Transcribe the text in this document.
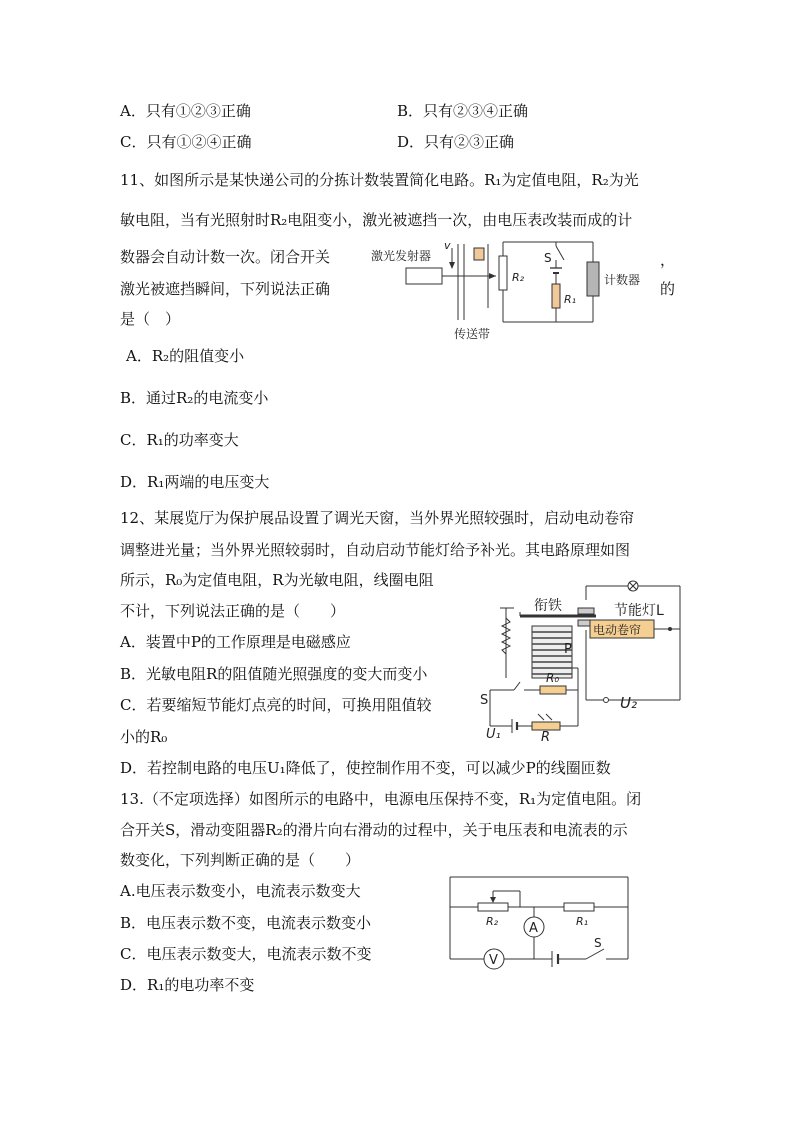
A．只有①②③正确	B．只有②③④正确
C．只有①②④正确	D．只有②③正确
11、如图所示是某快递公司的分拣计数装置简化电路。R₁为定值电阻，R₂为光
敏电阻，当有光照射时R₂电阻变小，激光被遮挡一次，由电压表改装而成的计
数器会自动计数一次。闭合开关	，
激光被遮挡瞬间，下列说法正确	的
是（　）
激光发射器
v
传送带
R₂	计数器
S
R₁
A．R₂的阻值变小
B．通过R₂的电流变小
C．R₁的功率变大
D．R₁两端的电压变大
12、某展览厅为保护展品设置了调光天窗，当外界光照较强时，启动电动卷帘
调整进光量；当外界光照较弱时，自动启动节能灯给予补光。其电路原理如图
所示，R₀为定值电阻，R为光敏电阻，线圈电阻
不计，下列说法正确的是（　　）
A．装置中P的工作原理是电磁感应
B．光敏电阻R的阻值随光照强度的变大而变小
C．若要缩短节能灯点亮的时间，可换用阻值较
小的R₀
D．若控制电路的电压U₁降低了，使控制作用不变，可以减少P的线圈匝数
U₂
电动卷帘
节能灯L
衔铁
P
S
R₀
U₁	R
13.（不定项选择）如图所示的电路中，电源电压保持不变，R₁为定值电阻。闭
合开关S，滑动变阻器R₂的滑片向右滑动的过程中，关于电压表和电流表的示
数变化，下列判断正确的是（　　）
A.电压表示数变小，电流表示数变大
B．电压表示数不变，电流表示数变小
C．电压表示数变大，电流表示数不变
D．R₁的电功率不变
R₂	R₁
A
V
S
